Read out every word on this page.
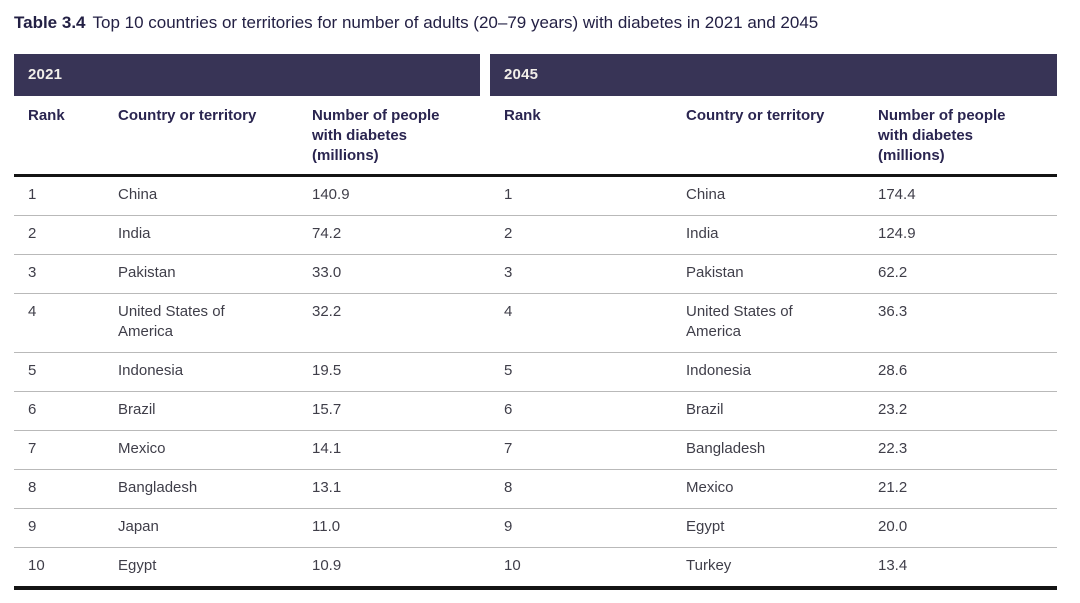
Table 3.4 Top 10 countries or territories for number of adults (20–79 years) with diabetes in 2021 and 2045

2021			2045		

Rank	Country or territory	Number of people with diabetes (millions)	Rank	Country or territory	Number of people with diabetes (millions)

1	China	140.9	1	China	174.4
2	India	74.2	2	India	124.9
3	Pakistan	33.0	3	Pakistan	62.2
4	United States of America	32.2	4	United States of America	36.3
5	Indonesia	19.5	5	Indonesia	28.6
6	Brazil	15.7	6	Brazil	23.2
7	Mexico	14.1	7	Bangladesh	22.3
8	Bangladesh	13.1	8	Mexico	21.2
9	Japan	11.0	9	Egypt	20.0
10	Egypt	10.9	10	Turkey	13.4
